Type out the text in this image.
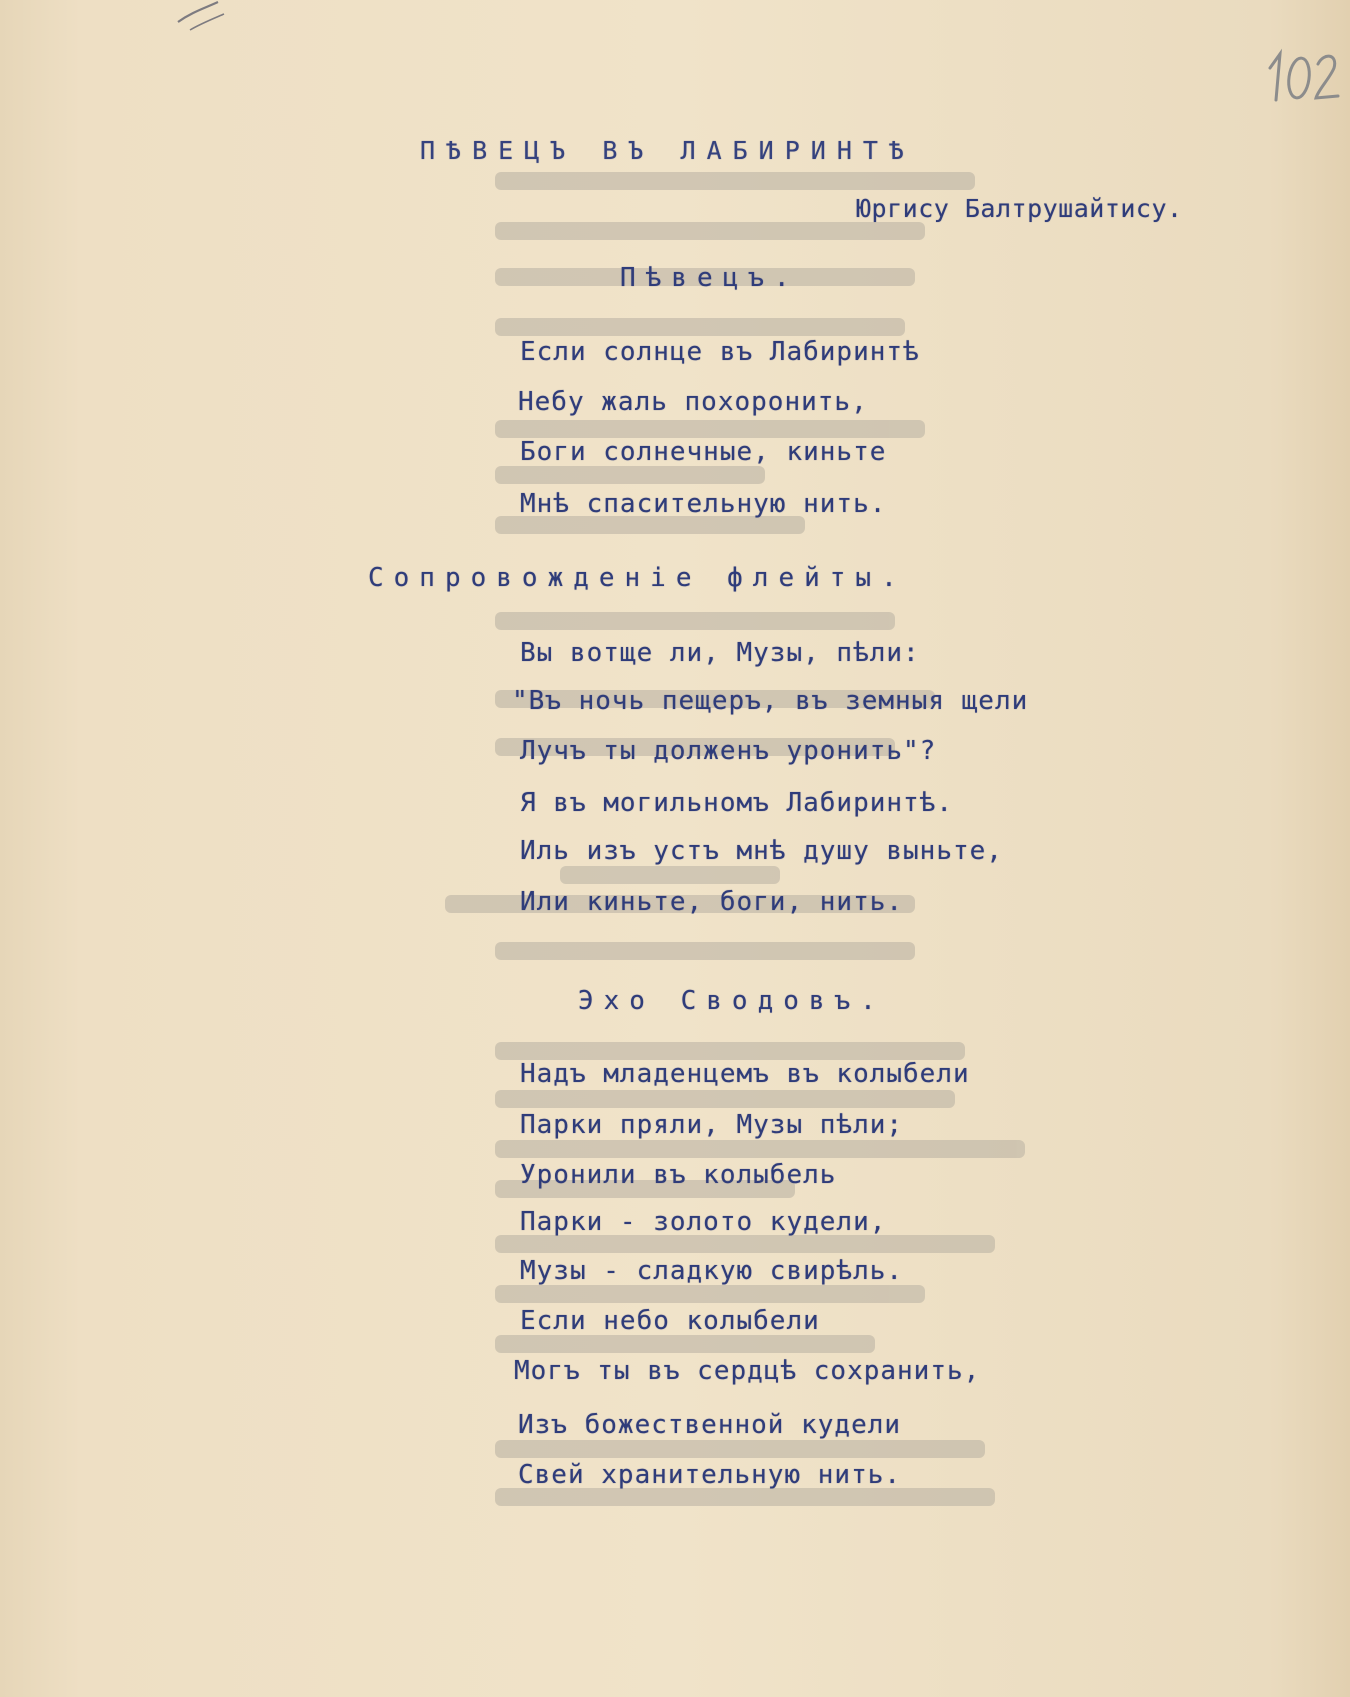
ПѢВЕЦЪ ВЪ ЛАБИРИНТѢ
Юргису Балтрушайтису.
Пѣвецъ.
Если солнце въ Лабиринтѣ
Небу жаль похоронить,
Боги солнечные, киньте
Мнѣ спасительную нить.
Сопровожденiе флейты.
Вы вотще ли, Музы, пѣли:
"Въ ночь пещеръ, въ земныя щели
Лучъ ты долженъ уронить"?
Я въ могильномъ Лабиринтѣ.
Иль изъ устъ мнѣ душу выньте,
Или киньте, боги, нить.
Эхо Сводовъ.
Надъ младенцемъ въ колыбели
Парки пряли, Музы пѣли;
Уронили въ колыбель
Парки - золото кудели,
Музы - сладкую свирѣль.
Если небо колыбели
Могъ ты въ сердцѣ сохранить,
Изъ божественной кудели
Свей хранительную нить.
